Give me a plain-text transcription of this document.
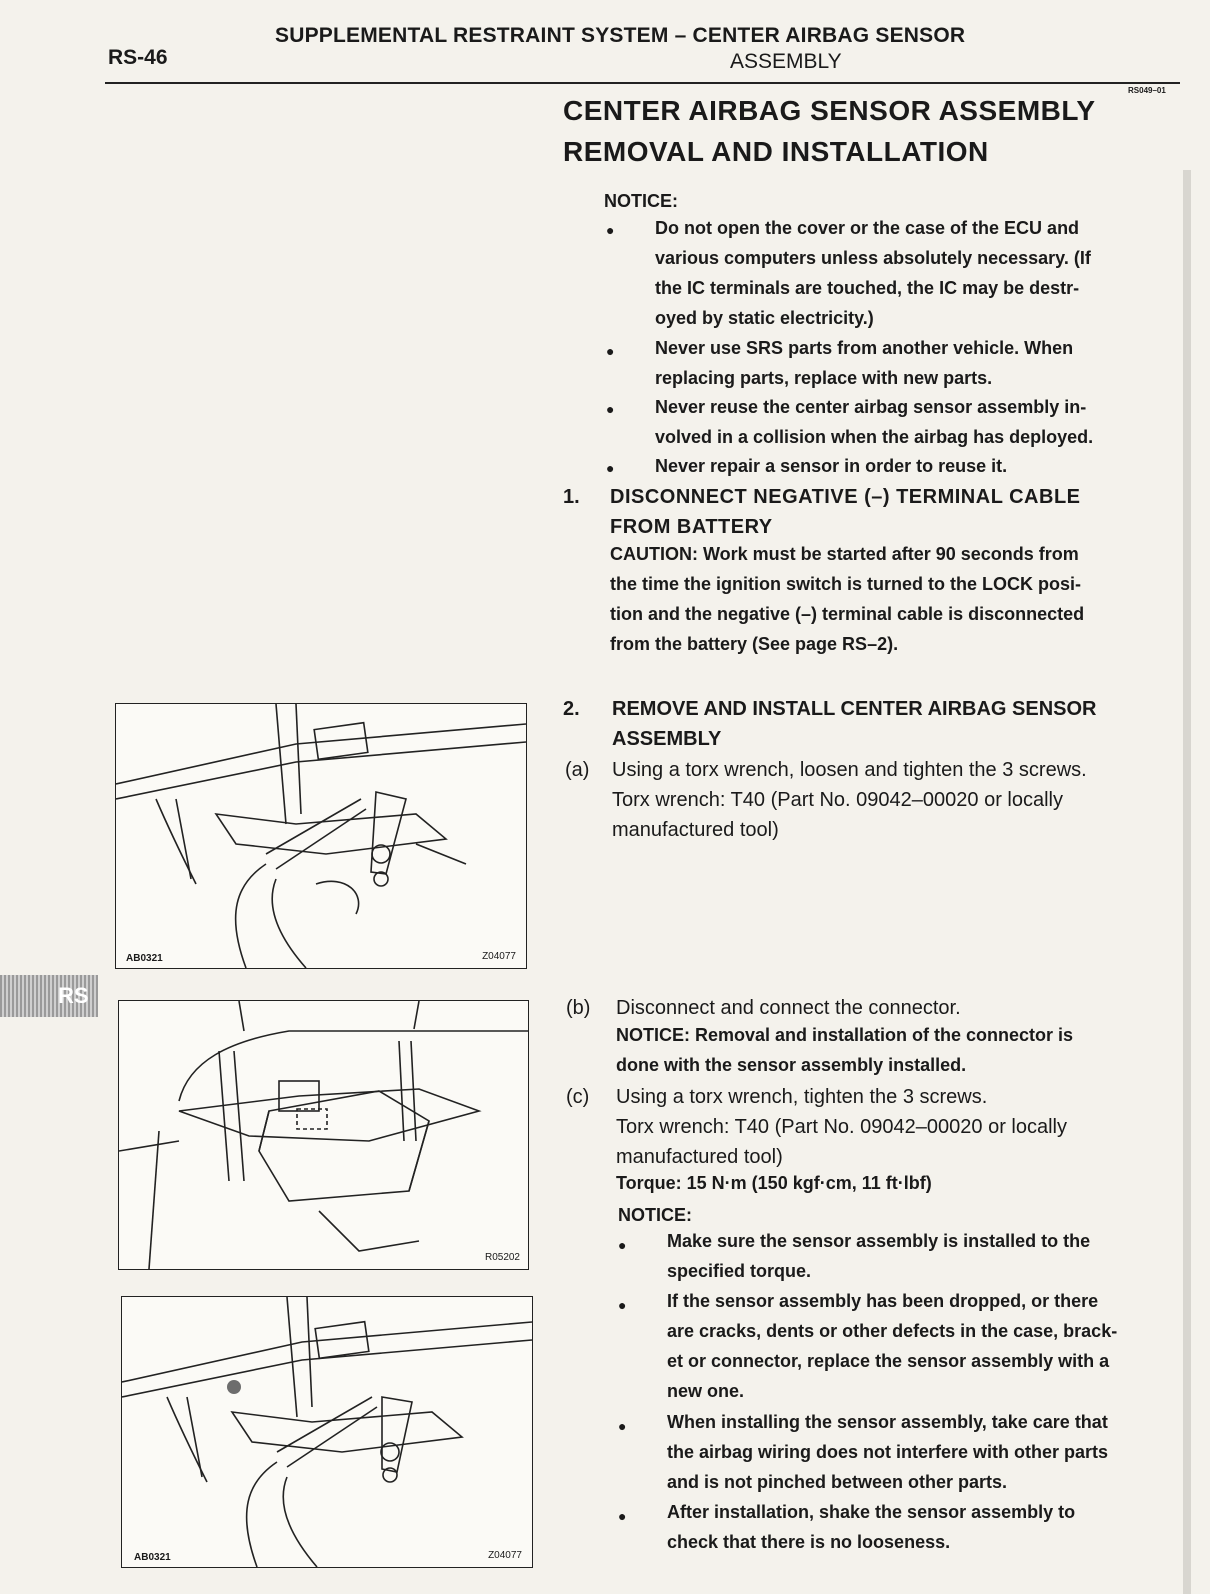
RS-46
SUPPLEMENTAL RESTRAINT SYSTEM – CENTER AIRBAG SENSOR
ASSEMBLY
RS049–01
CENTER AIRBAG SENSOR ASSEMBLY
REMOVAL AND INSTALLATION
NOTICE:
● Do not open the cover or the case of the ECU and
various computers unless absolutely necessary. (If
the IC terminals are touched, the IC may be destr-
oyed by static electricity.)
● Never use SRS parts from another vehicle. When
replacing parts, replace with new parts.
● Never reuse the center airbag sensor assembly in-
volved in a collision when the airbag has deployed.
● Never repair a sensor in order to reuse it.
1. DISCONNECT NEGATIVE (–) TERMINAL CABLE
FROM BATTERY
CAUTION: Work must be started after 90 seconds from
the time the ignition switch is turned to the LOCK posi-
tion and the negative (–) terminal cable is disconnected
from the battery (See page RS–2).
2. REMOVE AND INSTALL CENTER AIRBAG SENSOR
ASSEMBLY
(a) Using a torx wrench, loosen and tighten the 3 screws.
Torx wrench: T40 (Part No. 09042–00020 or locally
manufactured tool)
(b) Disconnect and connect the connector.
NOTICE: Removal and installation of the connector is
done with the sensor assembly installed.
(c) Using a torx wrench, tighten the 3 screws.
Torx wrench: T40 (Part No. 09042–00020 or locally
manufactured tool)
Torque: 15 N·m (150 kgf·cm, 11 ft·lbf)
NOTICE:
● Make sure the sensor assembly is installed to the
specified torque.
● If the sensor assembly has been dropped, or there
are cracks, dents or other defects in the case, brack-
et or connector, replace the sensor assembly with a
new one.
● When installing the sensor assembly, take care that
the airbag wiring does not interfere with other parts
and is not pinched between other parts.
● After installation, shake the sensor assembly to
check that there is no looseness.
RS
AB0321	Z04077
R05202
AB0321	Z04077
